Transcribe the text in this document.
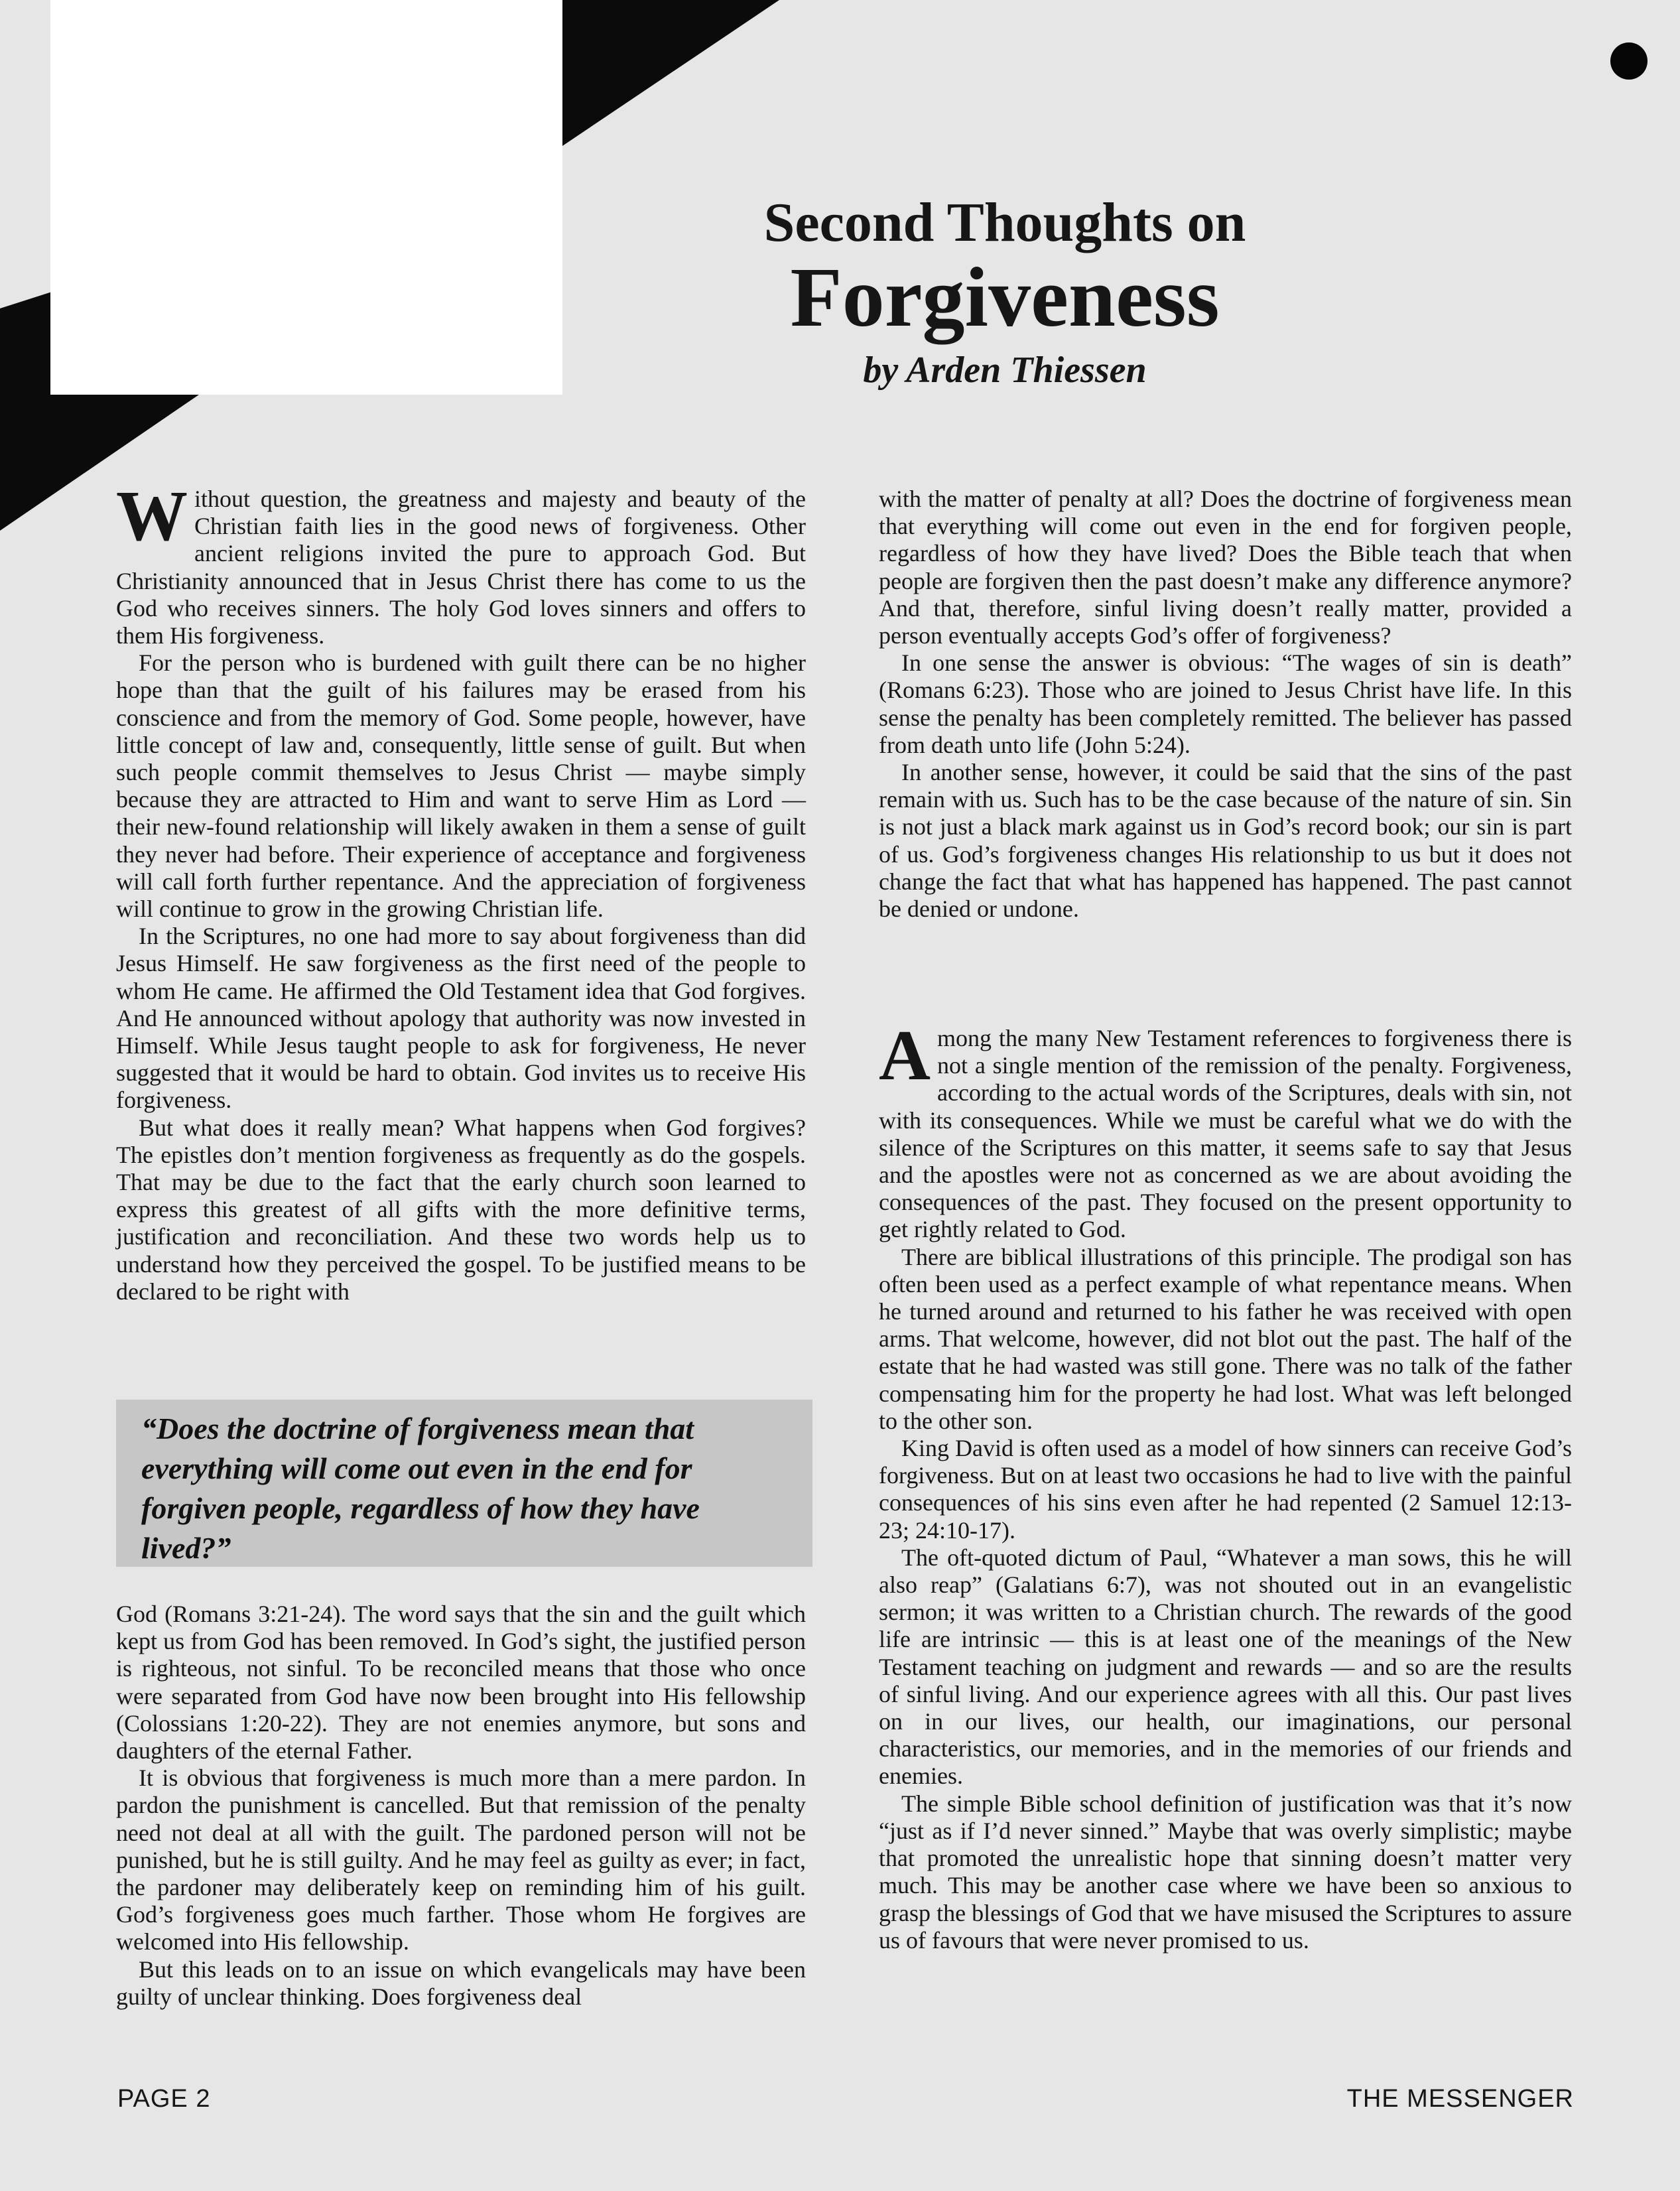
Second Thoughts on
Forgiveness
by Arden Thiessen

Without question, the greatness and majesty and beauty of the Christian faith lies in the good news of forgiveness. Other ancient religions invited the pure to approach God. But Christianity announced that in Jesus Christ there has come to us the God who receives sinners. The holy God loves sinners and offers to them His forgiveness.

For the person who is burdened with guilt there can be no higher hope than that the guilt of his failures may be erased from his conscience and from the memory of God. Some people, however, have little concept of law and, consequently, little sense of guilt. But when such people commit themselves to Jesus Christ — maybe simply because they are attracted to Him and want to serve Him as Lord — their new-found relationship will likely awaken in them a sense of guilt they never had before. Their experience of acceptance and forgiveness will call forth further repentance. And the appreciation of forgiveness will continue to grow in the growing Christian life.

In the Scriptures, no one had more to say about forgiveness than did Jesus Himself. He saw forgiveness as the first need of the people to whom He came. He affirmed the Old Testament idea that God forgives. And He announced without apology that authority was now invested in Himself. While Jesus taught people to ask for forgiveness, He never suggested that it would be hard to obtain. God invites us to receive His forgiveness.

But what does it really mean? What happens when God forgives? The epistles don’t mention forgiveness as frequently as do the gospels. That may be due to the fact that the early church soon learned to express this greatest of all gifts with the more definitive terms, justification and reconciliation. And these two words help us to understand how they perceived the gospel. To be justified means to be declared to be right with

“Does the doctrine of forgiveness mean that everything will come out even in the end for forgiven people, regardless of how they have lived?”

God (Romans 3:21-24). The word says that the sin and the guilt which kept us from God has been removed. In God’s sight, the justified person is righteous, not sinful. To be reconciled means that those who once were separated from God have now been brought into His fellowship (Colossians 1:20-22). They are not enemies anymore, but sons and daughters of the eternal Father.

It is obvious that forgiveness is much more than a mere pardon. In pardon the punishment is cancelled. But that remission of the penalty need not deal at all with the guilt. The pardoned person will not be punished, but he is still guilty. And he may feel as guilty as ever; in fact, the pardoner may deliberately keep on reminding him of his guilt. God’s forgiveness goes much farther. Those whom He forgives are welcomed into His fellowship.

But this leads on to an issue on which evangelicals may have been guilty of unclear thinking. Does forgiveness deal

with the matter of penalty at all? Does the doctrine of forgiveness mean that everything will come out even in the end for forgiven people, regardless of how they have lived? Does the Bible teach that when people are forgiven then the past doesn’t make any difference anymore? And that, therefore, sinful living doesn’t really matter, provided a person eventually accepts God’s offer of forgiveness?

In one sense the answer is obvious: “The wages of sin is death” (Romans 6:23). Those who are joined to Jesus Christ have life. In this sense the penalty has been completely remitted. The believer has passed from death unto life (John 5:24).

In another sense, however, it could be said that the sins of the past remain with us. Such has to be the case because of the nature of sin. Sin is not just a black mark against us in God’s record book; our sin is part of us. God’s forgiveness changes His relationship to us but it does not change the fact that what has happened has happened. The past cannot be denied or undone.

Among the many New Testament references to forgiveness there is not a single mention of the remission of the penalty. Forgiveness, according to the actual words of the Scriptures, deals with sin, not with its consequences. While we must be careful what we do with the silence of the Scriptures on this matter, it seems safe to say that Jesus and the apostles were not as concerned as we are about avoiding the consequences of the past. They focused on the present opportunity to get rightly related to God.

There are biblical illustrations of this principle. The prodigal son has often been used as a perfect example of what repentance means. When he turned around and returned to his father he was received with open arms. That welcome, however, did not blot out the past. The half of the estate that he had wasted was still gone. There was no talk of the father compensating him for the property he had lost. What was left belonged to the other son.

King David is often used as a model of how sinners can receive God’s forgiveness. But on at least two occasions he had to live with the painful consequences of his sins even after he had repented (2 Samuel 12:13-23; 24:10-17).

The oft-quoted dictum of Paul, “Whatever a man sows, this he will also reap” (Galatians 6:7), was not shouted out in an evangelistic sermon; it was written to a Christian church. The rewards of the good life are intrinsic — this is at least one of the meanings of the New Testament teaching on judgment and rewards — and so are the results of sinful living. And our experience agrees with all this. Our past lives on in our lives, our health, our imaginations, our personal characteristics, our memories, and in the memories of our friends and enemies.

The simple Bible school definition of justification was that it’s now “just as if I’d never sinned.” Maybe that was overly simplistic; maybe that promoted the unrealistic hope that sinning doesn’t matter very much. This may be another case where we have been so anxious to grasp the blessings of God that we have misused the Scriptures to assure us of favours that were never promised to us.

PAGE 2	THE MESSENGER
